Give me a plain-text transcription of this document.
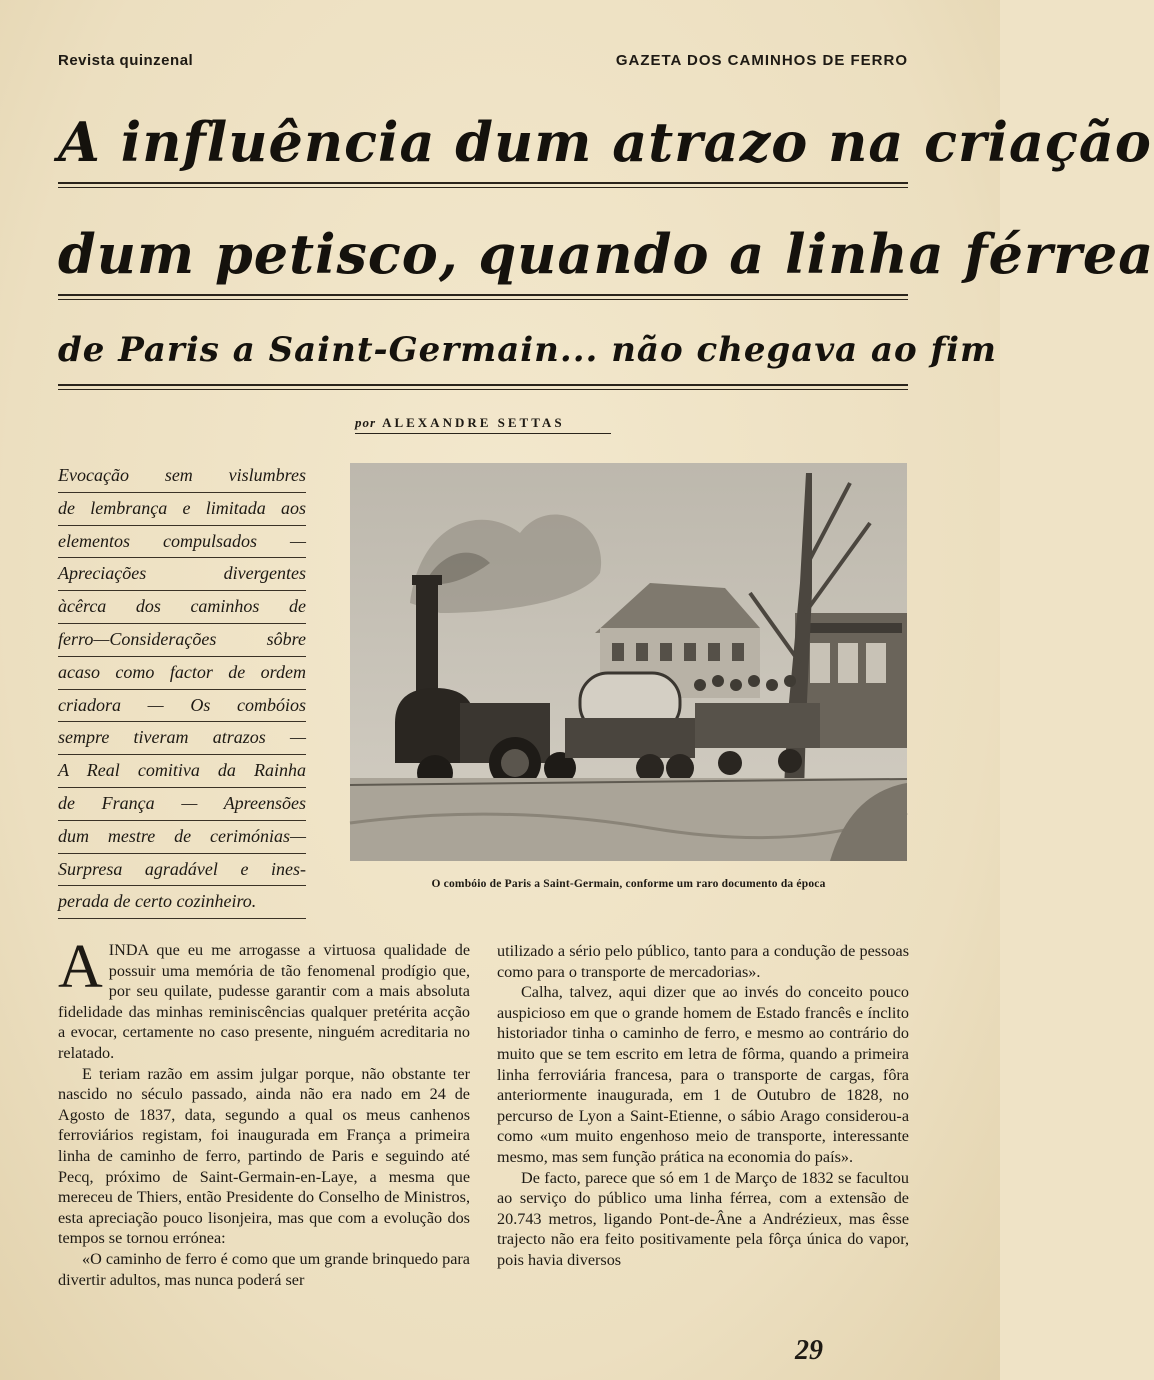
Revista quinzenal	GAZETA DOS CAMINHOS DE FERRO
A influência dum atrazo na criação
dum petisco, quando a linha férrea
de Paris a Saint-Germain... não chegava ao fim
por ALEXANDRE SETTAS
Evocação sem vislumbres
de lembrança e limitada aos
elementos compulsados —
Apreciações divergentes
àcêrca dos caminhos de
ferro—Considerações sôbre
acaso como factor de ordem
criadora — Os combóios
sempre tiveram atrazos —
A Real comitiva da Rainha
de França — Apreensões
dum mestre de cerimónias—
Surpresa agradável e ines-
perada de certo cozinheiro.
O combóio de Paris a Saint-Germain, conforme um raro documento da época

AINDA que eu me arrogasse a virtuosa qualidade de possuir uma memória de tão fenomenal prodígio que, por seu quilate, pudesse garantir com a mais absoluta fidelidade das minhas reminiscências qualquer pretérita acção a evocar, certamente no caso presente, ninguém acreditaria no relatado.

E teriam razão em assim julgar porque, não obstante ter nascido no século passado, ainda não era nado em 24 de Agosto de 1837, data, segundo a qual os meus canhenos ferroviários registam, foi inaugurada em França a primeira linha de caminho de ferro, partindo de Paris e seguindo até Pecq, próximo de Saint-Germain-en-Laye, a mesma que mereceu de Thiers, então Presidente do Conselho de Ministros, esta apreciação pouco lisonjeira, mas que com a evolução dos tempos se tornou errónea:

«O caminho de ferro é como que um grande brinquedo para divertir adultos, mas nunca poderá ser

utilizado a sério pelo público, tanto para a condução de pessoas como para o transporte de mercadorias».

Calha, talvez, aqui dizer que ao invés do conceito pouco auspicioso em que o grande homem de Estado francês e ínclito historiador tinha o caminho de ferro, e mesmo ao contrário do muito que se tem escrito em letra de fôrma, quando a primeira linha ferroviária francesa, para o transporte de cargas, fôra anteriormente inaugurada, em 1 de Outubro de 1828, no percurso de Lyon a Saint-Etienne, o sábio Arago considerou-a como «um muito engenhoso meio de transporte, interessante mesmo, mas sem função prática na economia do país».

De facto, parece que só em 1 de Março de 1832 se facultou ao serviço do público uma linha férrea, com a extensão de 20.743 metros, ligando Pont-de-Âne a Andrézieux, mas êsse trajecto não era feito positivamente pela fôrça única do vapor, pois havia diversos

29
